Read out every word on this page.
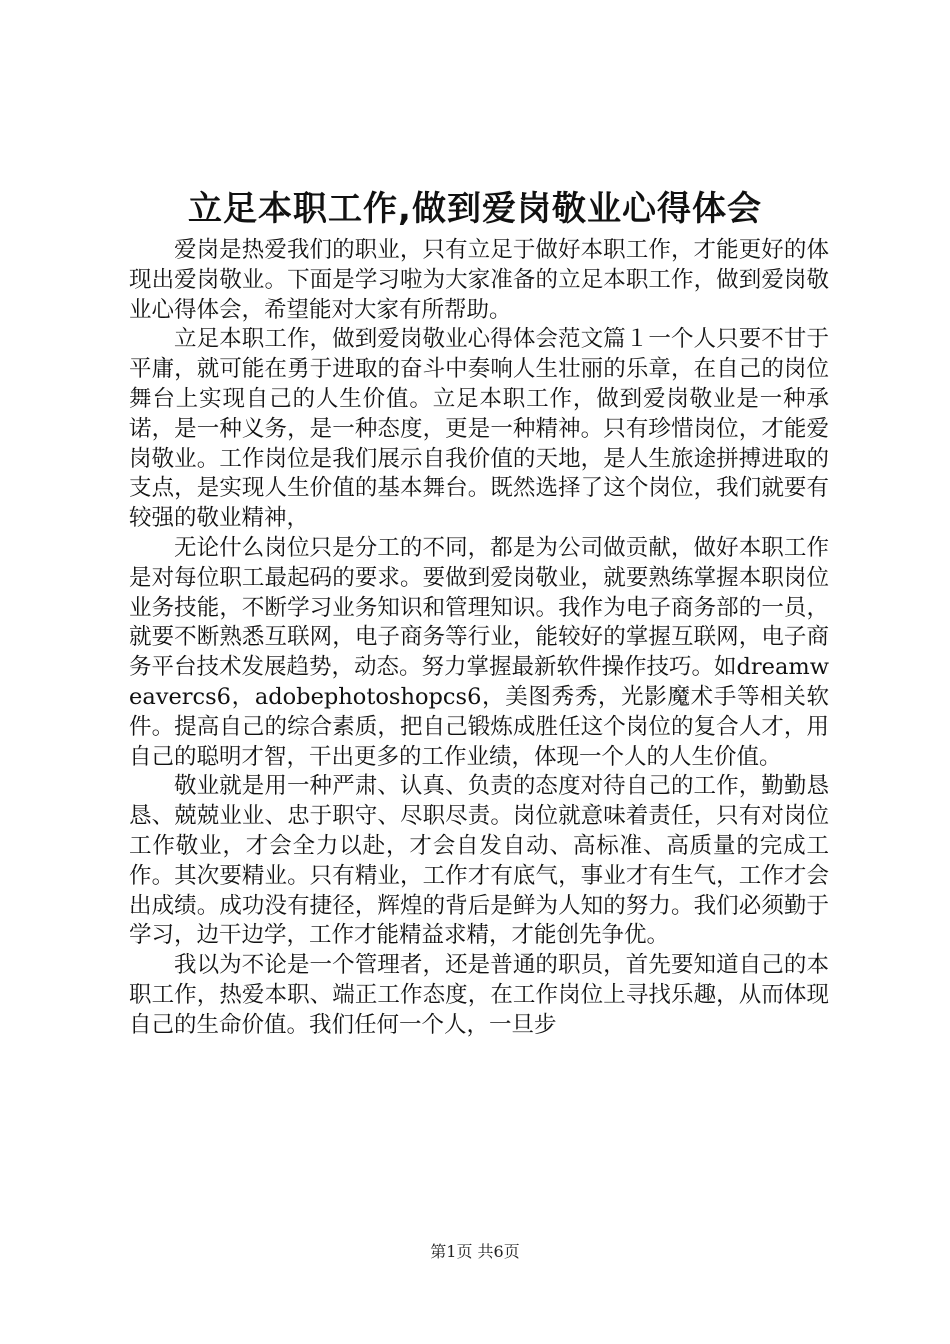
立足本职工作,做到爱岗敬业心得体会

爱岗是热爱我们的职业，只有立足于做好本职工作，才能更好的体现出爱岗敬业。下面是学习啦为大家准备的立足本职工作，做到爱岗敬业心得体会，希望能对大家有所帮助。

立足本职工作，做到爱岗敬业心得体会范文篇１一个人只要不甘于平庸，就可能在勇于进取的奋斗中奏响人生壮丽的乐章，在自己的岗位舞台上实现自己的人生价值。立足本职工作，做到爱岗敬业是一种承诺，是一种义务，是一种态度，更是一种精神。只有珍惜岗位，才能爱岗敬业。工作岗位是我们展示自我价值的天地，是人生旅途拼搏进取的支点，是实现人生价值的基本舞台。既然选择了这个岗位，我们就要有较强的敬业精神，

无论什么岗位只是分工的不同，都是为公司做贡献，做好本职工作是对每位职工最起码的要求。要做到爱岗敬业，就要熟练掌握本职岗位业务技能，不断学习业务知识和管理知识。我作为电子商务部的一员，就要不断熟悉互联网，电子商务等行业，能较好的掌握互联网，电子商务平台技术发展趋势，动态。努力掌握最新软件操作技巧。如dreamweavercs6，adobephotoshopcs6，美图秀秀，光影魔术手等相关软件。提高自己的综合素质，把自己锻炼成胜任这个岗位的复合人才，用自己的聪明才智，干出更多的工作业绩，体现一个人的人生价值。

敬业就是用一种严肃、认真、负责的态度对待自己的工作，勤勤恳恳、兢兢业业、忠于职守、尽职尽责。岗位就意味着责任，只有对岗位工作敬业，才会全力以赴，才会自发自动、高标准、高质量的完成工作。其次要精业。只有精业，工作才有底气，事业才有生气，工作才会出成绩。成功没有捷径，辉煌的背后是鲜为人知的努力。我们必须勤于学习，边干边学，工作才能精益求精，才能创先争优。

我以为不论是一个管理者，还是普通的职员，首先要知道自己的本职工作，热爱本职、端正工作态度，在工作岗位上寻找乐趣，从而体现自己的生命价值。我们任何一个人，一旦步

第1页 共6页
